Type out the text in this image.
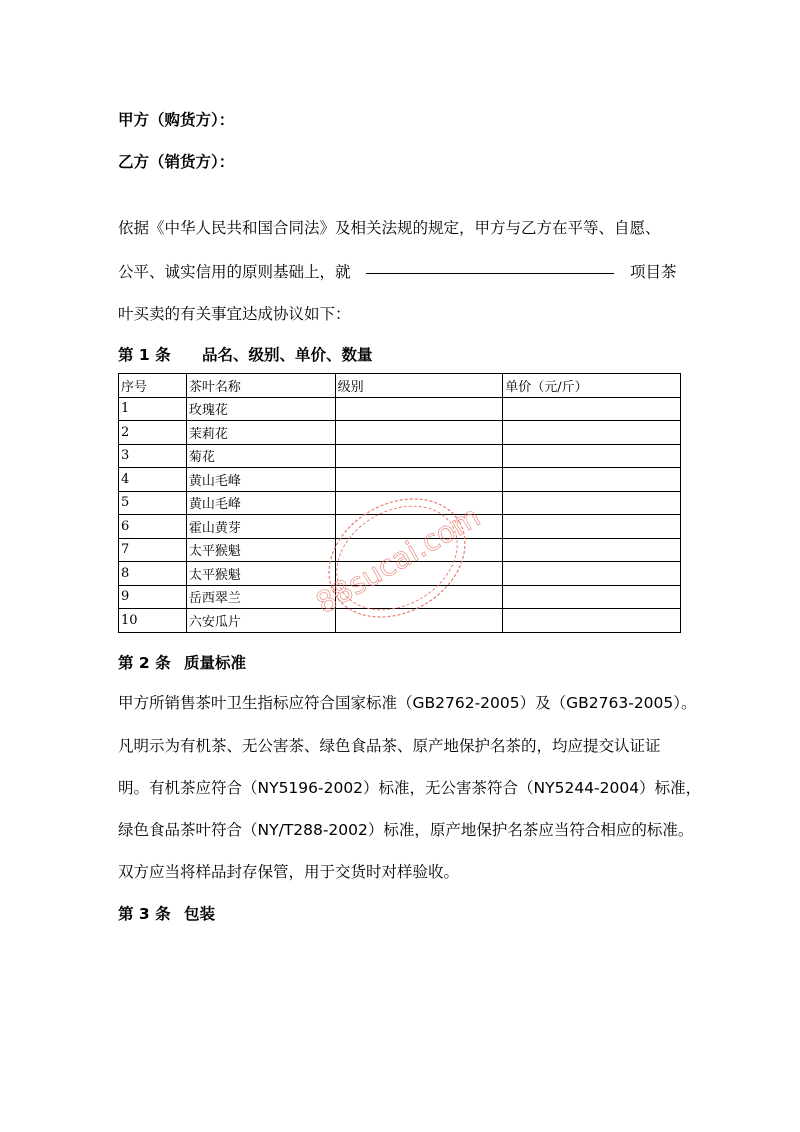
甲方（购货方）：
乙方（销货方）：
依据《中华人民共和国合同法》及相关法规的规定，甲方与乙方在平等、自愿、
公平、诚实信用的原则基础上，就	项目茶
叶买卖的有关事宜达成协议如下：
第 1 条 品名、级别、单价、数量
序号	茶叶名称	级别	单价（元/斤）
1	玫瑰花		
2	茉莉花		
3	菊花		
4	黄山毛峰		
5	黄山毛峰		
6	霍山黄芽		
7	太平猴魁		
8	太平猴魁		
9	岳西翠兰		
10	六安瓜片		
88sucai.com
第 2 条 质量标准
甲方所销售茶叶卫生指标应符合国家标准（GB2762-2005）及（GB2763-2005）。
凡明示为有机茶、无公害茶、绿色食品茶、原产地保护名茶的，均应提交认证证
明。有机茶应符合（NY5196-2002）标准，无公害茶符合（NY5244-2004）标准，
绿色食品茶叶符合（NY/T288-2002）标准，原产地保护名茶应当符合相应的标准。
双方应当将样品封存保管，用于交货时对样验收。
第 3 条 包装
